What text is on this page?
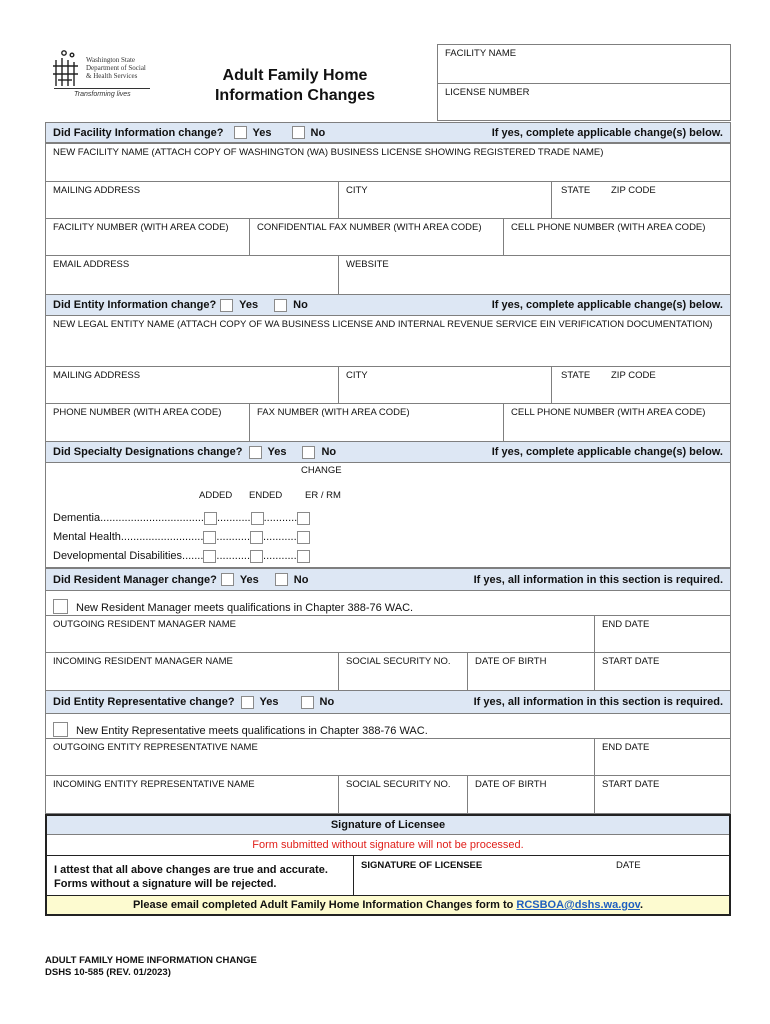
Washington State
Department of Social
& Health Services
Transforming lives
Adult Family Home
Information Changes
FACILITY NAME
LICENSE NUMBER
Did Facility Information change?	Yes	No	If yes, complete applicable change(s) below.
NEW FACILITY NAME (ATTACH COPY OF WASHINGTON (WA) BUSINESS LICENSE SHOWING REGISTERED TRADE NAME)
MAILING ADDRESS	CITY	STATE	ZIP CODE
FACILITY NUMBER (WITH AREA CODE)	CONFIDENTIAL FAX NUMBER (WITH AREA CODE)	CELL PHONE NUMBER (WITH AREA CODE)
EMAIL ADDRESS	WEBSITE
Did Entity Information change? Yes	No	If yes, complete applicable change(s) below.
NEW LEGAL ENTITY NAME (ATTACH COPY OF WA BUSINESS LICENSE AND INTERNAL REVENUE SERVICE EIN VERIFICATION DOCUMENTATION)
MAILING ADDRESS	CITY	STATE	ZIP CODE
PHONE NUMBER (WITH AREA CODE)	FAX NUMBER (WITH AREA CODE)	CELL PHONE NUMBER (WITH AREA CODE)
Did Specialty Designations change? Yes	No	If yes, complete applicable change(s) below.
CHANGE
ADDED ENDED ER / RM
Dementia .................................. ........... ...........
Mental Health ........................... ........... ...........
Developmental Disabilities ....... ........... ...........
Did Resident Manager change? Yes	No	If yes, all information in this section is required.
New Resident Manager meets qualifications in Chapter 388-76 WAC.
OUTGOING RESIDENT MANAGER NAME	END DATE
INCOMING RESIDENT MANAGER NAME	SOCIAL SECURITY NO.	DATE OF BIRTH	START DATE
Did Entity Representative change? Yes	No	If yes, all information in this section is required.
New Entity Representative meets qualifications in Chapter 388-76 WAC.
OUTGOING ENTITY REPRESENTATIVE NAME	END DATE
INCOMING ENTITY REPRESENTATIVE NAME	SOCIAL SECURITY NO.	DATE OF BIRTH	START DATE
Signature of Licensee
Form submitted without signature will not be processed.
I attest that all above changes are true and accurate.
Forms without a signature will be rejected.
SIGNATURE OF LICENSEE	DATE
Please email completed Adult Family Home Information Changes form to RCSBOA@dshs.wa.gov.
ADULT FAMILY HOME INFORMATION CHANGE
DSHS 10-585 (REV. 01/2023)
